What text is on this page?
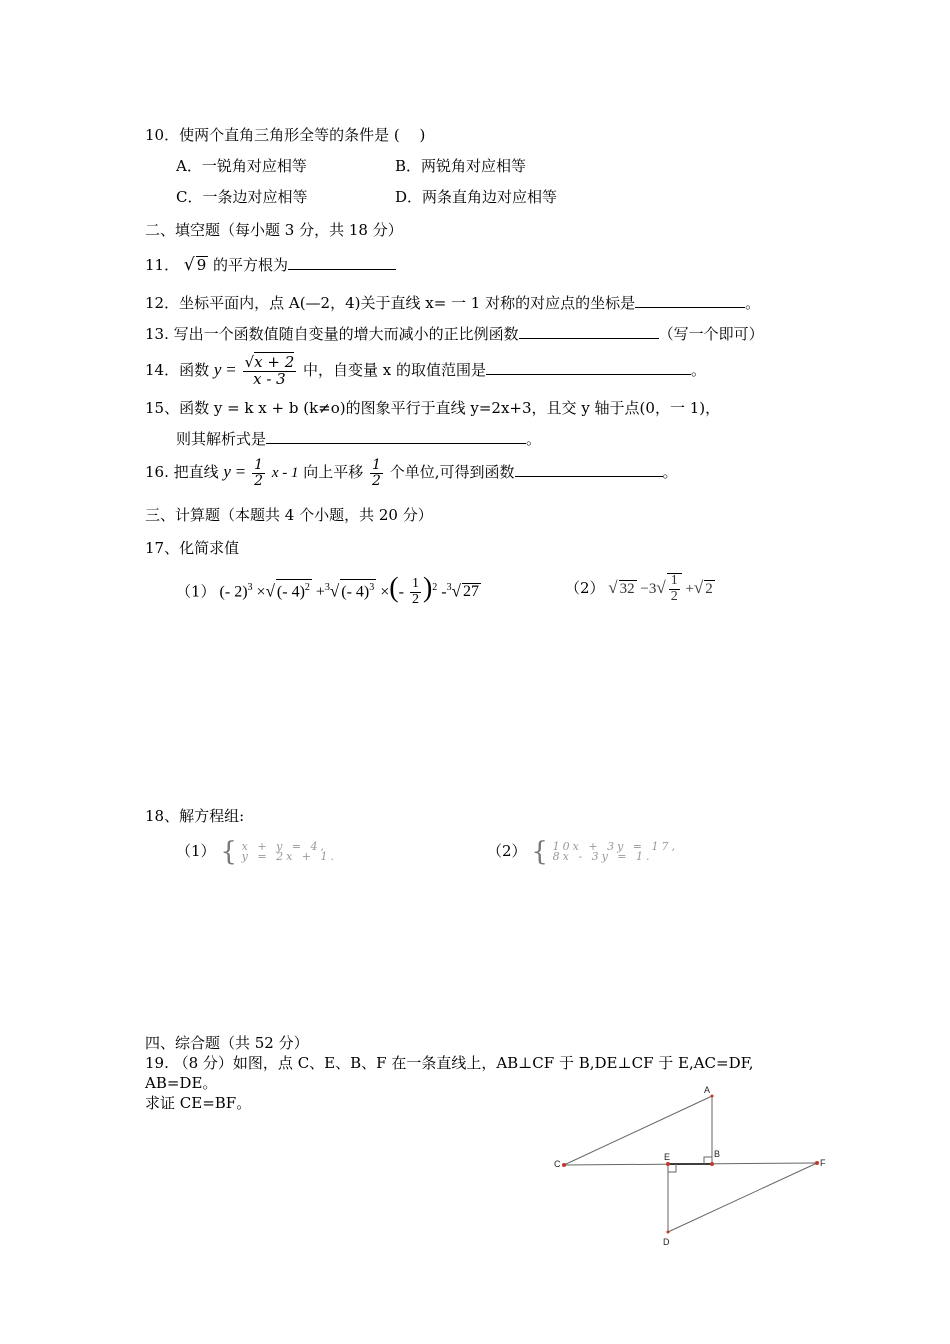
10．使两个直角三角形全等的条件是 (　 )
A．一锐角对应相等	B．两锐角对应相等
C．一条边对应相等	D．两条直角边对应相等
二、填空题（每小题 3 分，共 18 分）
11． √ 9 的平方根为
12．坐标平面内，点 A(—2，4)关于直线 x= 一 1 对称的对应点的坐标是	。
13. 写出一个函数值随自变量的增大而减小的正比例函数	（写一个即可）
14．函数 $y = \frac{√x + 2}{x - 3}$ 中，自变量 x 的取值范围是	。
15、函数 y = k x + b (k≠o)的图象平行于直线 y=2x+3，且交 y 轴于点(0，一 1)，
则其解析式是	。
16. 把直线 $y = \frac{1}{2}$ x - 1 向上平移 $\frac{1}{2}$ 个单位,可得到函数	。
三、计算题（本题共 4 个小题，共 20 分）
17、化简求值
（1） (- 2)$^3$ ×√ (- 4)$^2$ +$^3$√ (- 4)$^3$ ×(- $\frac{1}{2} )^2$ -$^3$√ 27	（2） √ $32 -3√ \frac{1}{2}$ +√ 2
18、解方程组:
（1） { x + y = 4,
y = 2x + 1.	（2） { 10x + 3y = 17,
8x - 3y = 1.
四、综合题（共 52 分）
19. （8 分）如图，点 C、E、B、F 在一条直线上，AB⊥CF 于 B,DE⊥CF 于 E,AC=DF,
AB=DE。
求证 CE=BF。
A
B
C
D
E
F
